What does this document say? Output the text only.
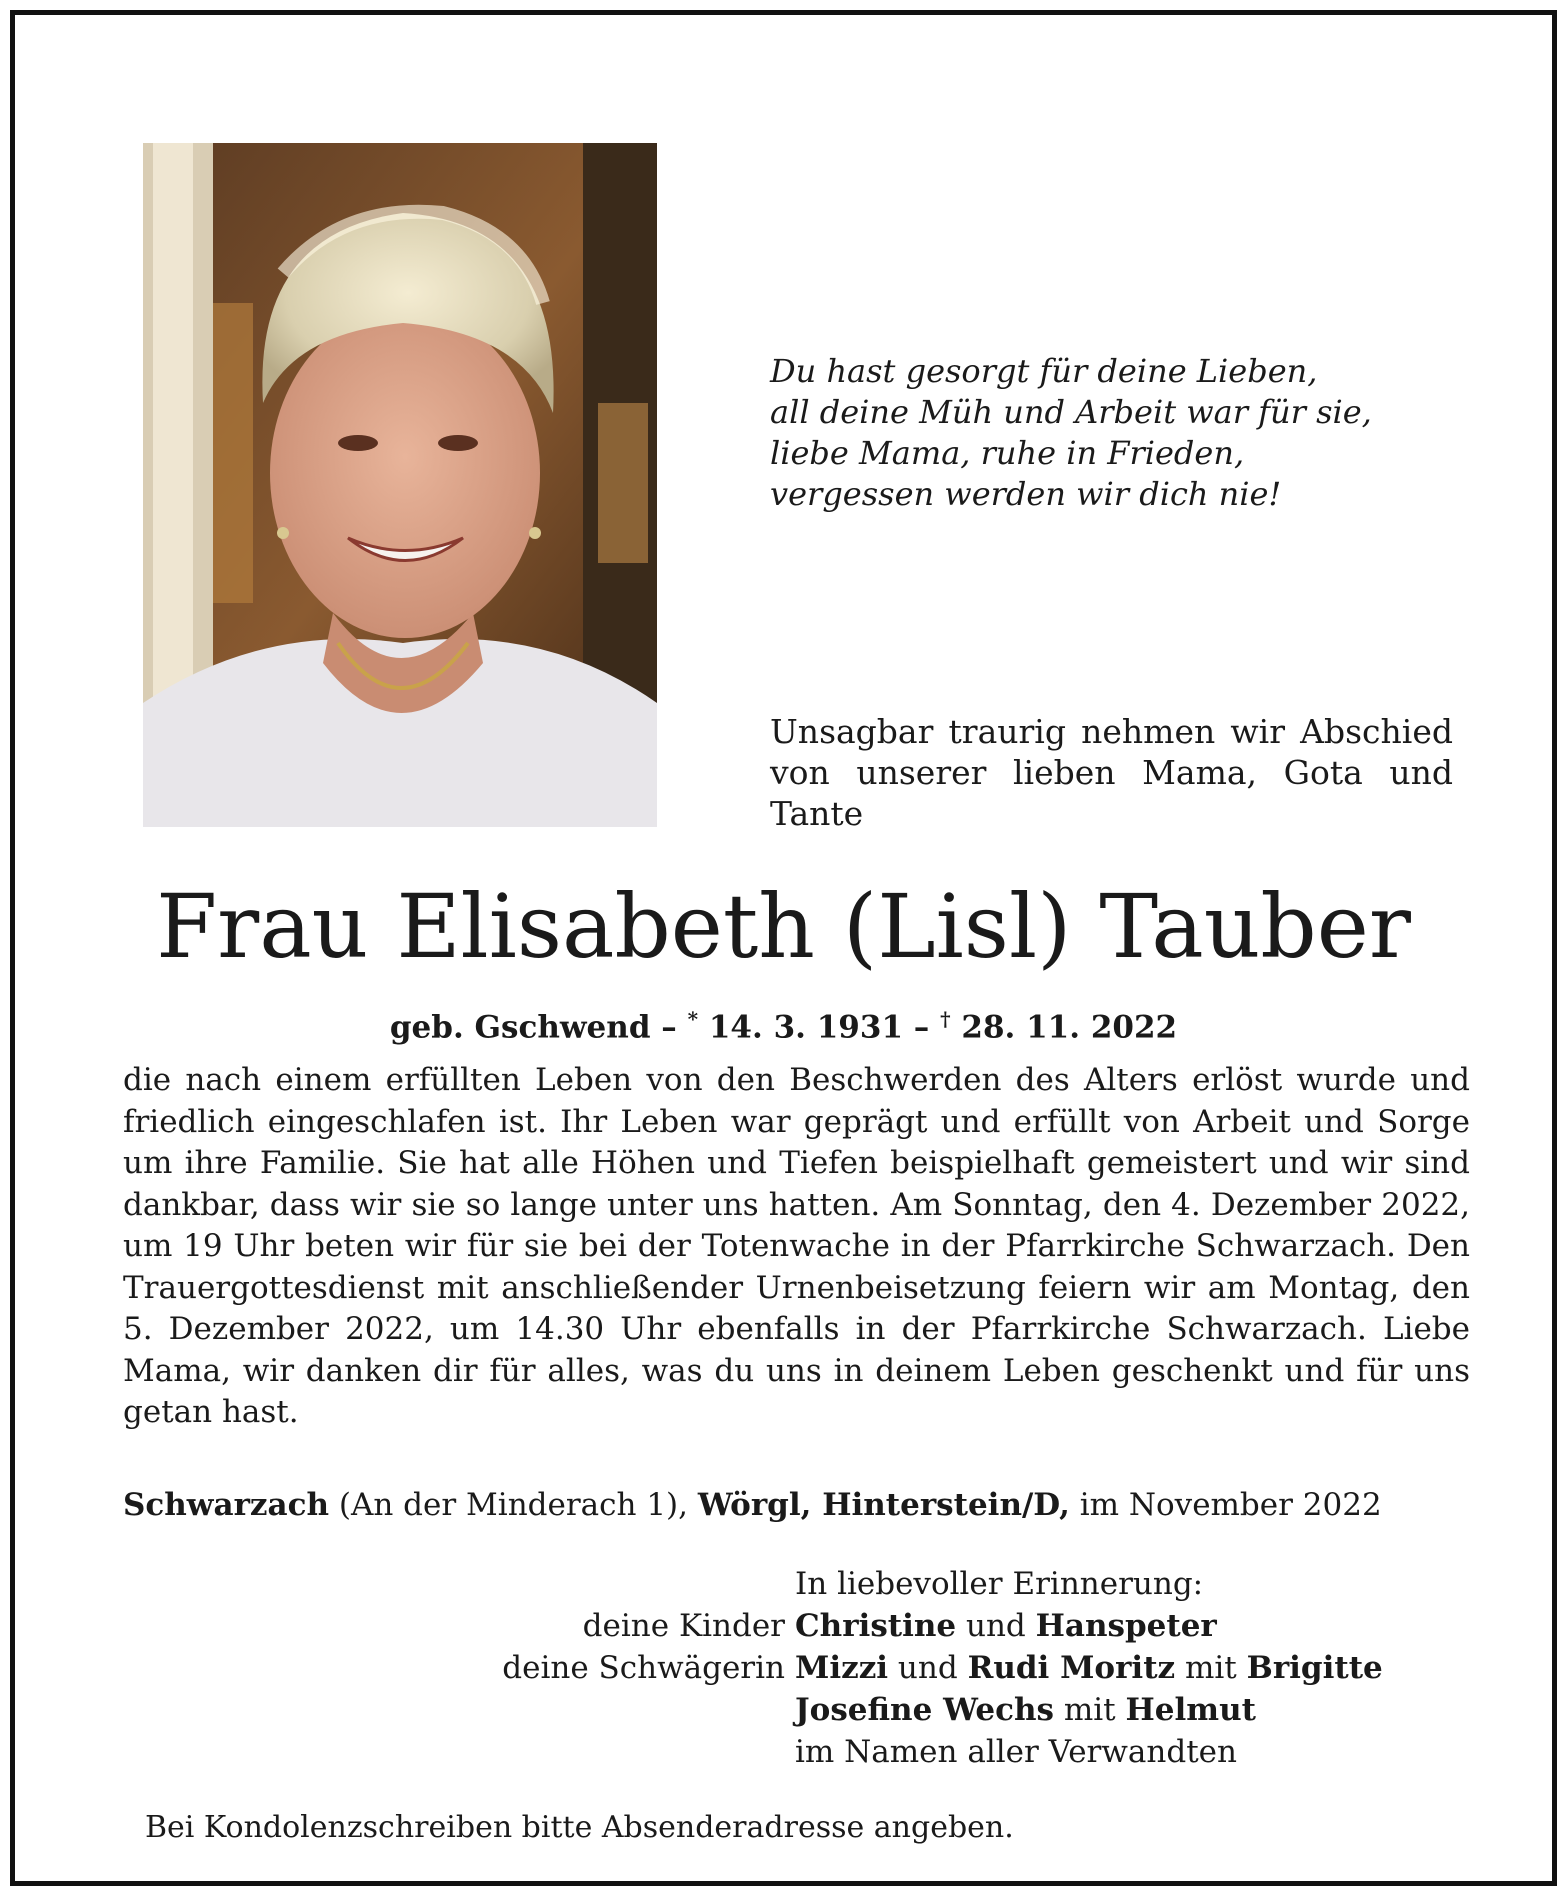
Du hast gesorgt für deine Lieben,
all deine Müh und Arbeit war für sie,
liebe Mama, ruhe in Frieden,
vergessen werden wir dich nie!
Unsagbar traurig nehmen wir Abschied von unserer lieben Mama, Gota und Tante
Frau Elisabeth (Lisl) Tauber
geb. Gschwend – * 14. 3. 1931 – † 28. 11. 2022
die nach einem erfüllten Leben von den Beschwerden des Alters erlöst wurde und friedlich eingeschlafen ist. Ihr Leben war geprägt und erfüllt von Arbeit und Sorge um ihre Familie. Sie hat alle Höhen und Tiefen beispielhaft gemeistert und wir sind dankbar, dass wir sie so lange unter uns hatten. Am Sonntag, den 4. Dezember 2022, um 19 Uhr beten wir für sie bei der Totenwache in der Pfarrkirche Schwarzach. Den Trauergottesdienst mit anschließender Urnenbeisetzung feiern wir am Montag, den 5. Dezember 2022, um 14.30 Uhr ebenfalls in der Pfarrkirche Schwarzach. Liebe Mama, wir danken dir für alles, was du uns in deinem Leben geschenkt und für uns getan hast.
Schwarzach (An der Minderach 1), Wörgl, Hinterstein/D, im November 2022
In liebevoller Erinnerung:
deine Kinder Christine und Hanspeter
deine Schwägerin Mizzi und Rudi Moritz mit Brigitte
Josefine Wechs mit Helmut
im Namen aller Verwandten
Bei Kondolenzschreiben bitte Absenderadresse angeben.
